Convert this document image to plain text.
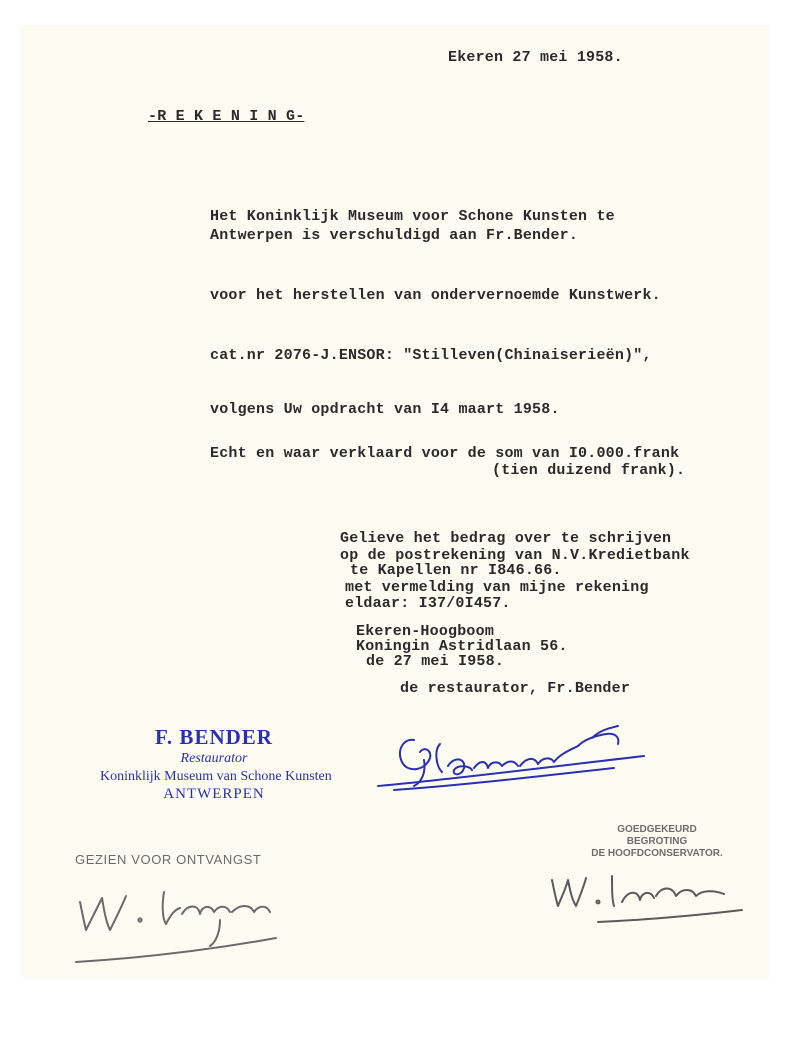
Ekeren 27 mei 1958.

-R E K E N I N G-

Het Koninklijk Museum voor Schone Kunsten te

Antwerpen is verschuldigd aan Fr.Bender.

voor het herstellen van ondervernoemde Kunstwerk.

cat.nr 2076-J.ENSOR: "Stilleven(Chinaiserieën)",

volgens Uw opdracht van I4 maart 1958.

Echt en waar verklaard voor de som van I0.000.frank

(tien duizend frank).

Gelieve het bedrag over te schrijven

op de postrekening van N.V.Kredietbank

te Kapellen nr I846.66.

met vermelding van mijne rekening

eldaar: I37/0I457.

Ekeren-Hoogboom

Koningin Astridlaan 56.

de 27 mei I958.

de restaurator, Fr.Bender

F. BENDER
Restaurator
Koninklijk Museum van Schone Kunsten
ANTWERPEN
GOEDGEKEURD
BEGROTING
DE HOOFDCONSERVATOR.
GEZIEN VOOR ONTVANGST
